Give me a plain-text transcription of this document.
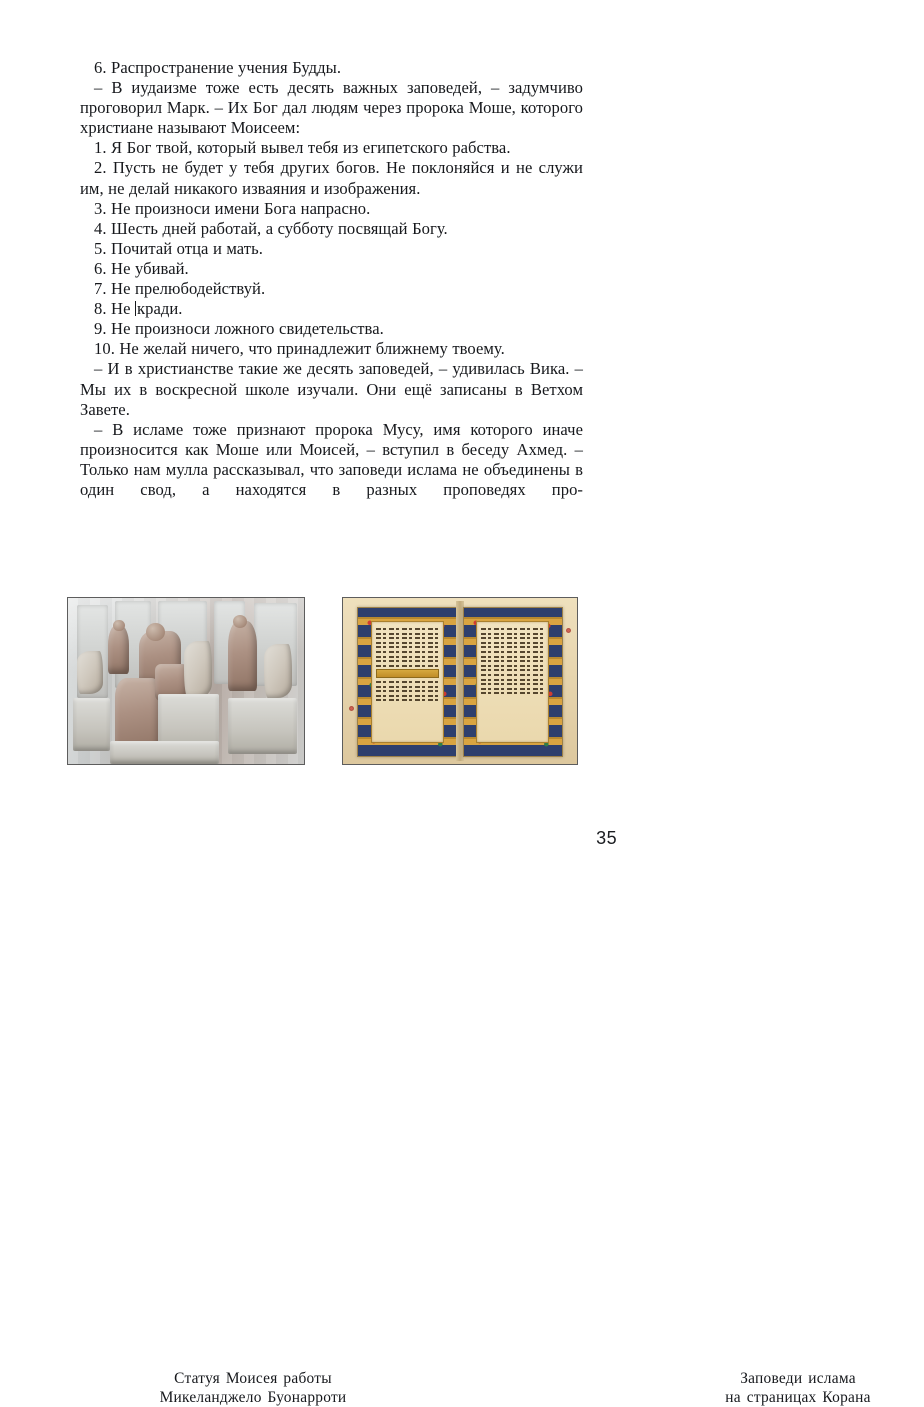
6. Распространение учения Будды.

– В иудаизме тоже есть десять важных заповедей, – задумчиво проговорил Марк. – Их Бог дал людям через пророка Моше, которого христиане называют Моисеем:

1. Я Бог твой, который вывел тебя из египетского рабства.

2. Пусть не будет у тебя других богов. Не поклоняйся и не служи им, не делай никакого изваяния и изображения.

3. Не произноси имени Бога напрасно.

4. Шесть дней работай, а субботу посвящай Богу.

5. Почитай отца и мать.

6. Не убивай.

7. Не прелюбодействуй.

8. Не кради.

9. Не произноси ложного свидетельства.

10. Не желай ничего, что принадлежит ближнему твоему.

– И в христианстве такие же десять заповедей, – удивилась Вика. – Мы их в воскресной школе изучали. Они ещё записаны в Ветхом Завете.

– В исламе тоже признают пророка Мусу, имя которого иначе произносится как Моше или Моисей, – вступил в беседу Ахмед. – Только нам мулла рассказывал, что заповеди ислама не объединены в один свод, а находятся в разных проповедях про-

Статуя Моисея работы
Микеланджело Буонарроти
Заповеди ислама
на страницах Корана
35
